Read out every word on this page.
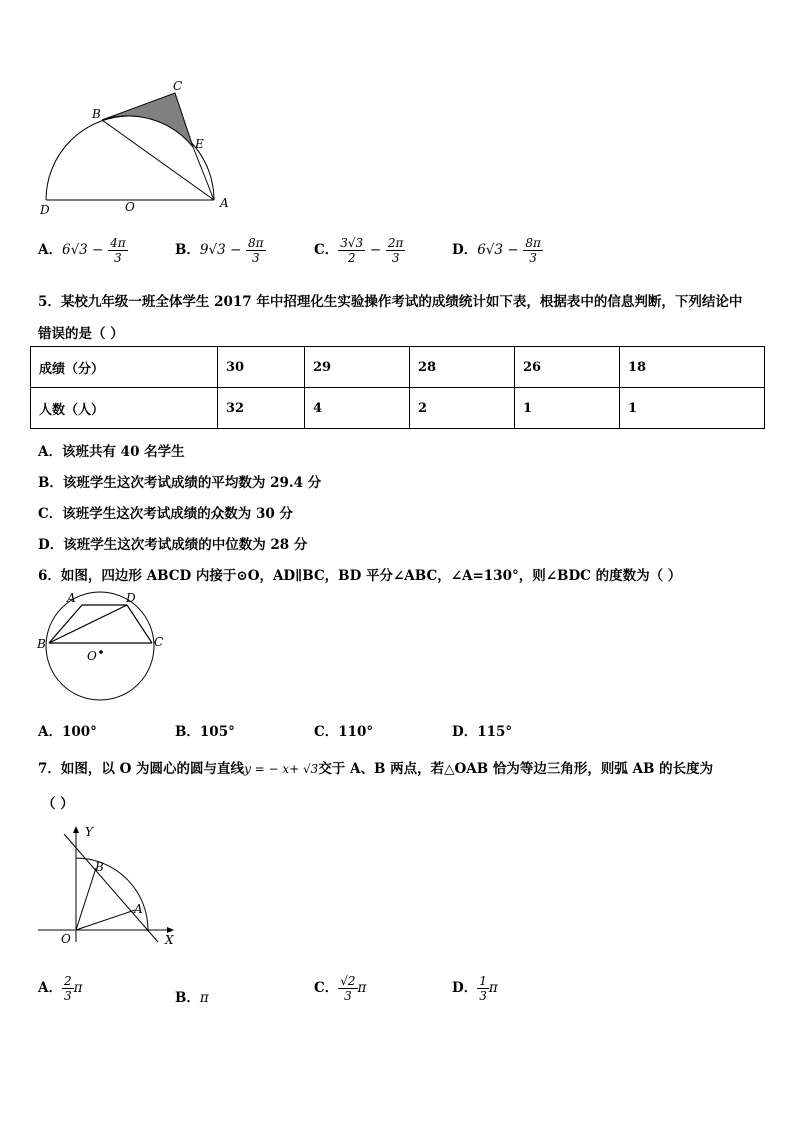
C
B
E
D	O	A
A．$6√3 - \frac{4\pi}{3}$	B．$9√3 - \frac{8\pi}{3}$	C． $\frac{3√3}{2} - \frac{2\pi}{3}$	D．$6√3 - \frac{8\pi}{3}$
5．某校九年级一班全体学生 2017 年中招理化生实验操作考试的成绩统计如下表，根据表中的信息判断，下列结论中
错误的是（ ）
成绩（分）	30	29	28	26	18
人数（人）	32	4	2	1	1
A．该班共有 40 名学生
B．该班学生这次考试成绩的平均数为 29.4 分
C．该班学生这次考试成绩的众数为 30 分
D．该班学生这次考试成绩的中位数为 28 分
6．如图，四边形 ABCD 内接于⊙O，AD∥BC，BD 平分∠ABC，∠A=130°，则∠BDC 的度数为（ ）
A	D
B	C
O
A．100°	B．105°	C．110°	D．115°
7．如图，以 O 为圆心的圆与直线y = − x+ √3交于 A、B 两点，若△OAB 恰为等边三角形，则弧 AB 的长度为
（ ）
Y
B
A
O	X
A． $\frac{2}{3}$ π
B．π
C． $\frac{√2}{3}$ π	D． $\frac{1}{3}$ π
